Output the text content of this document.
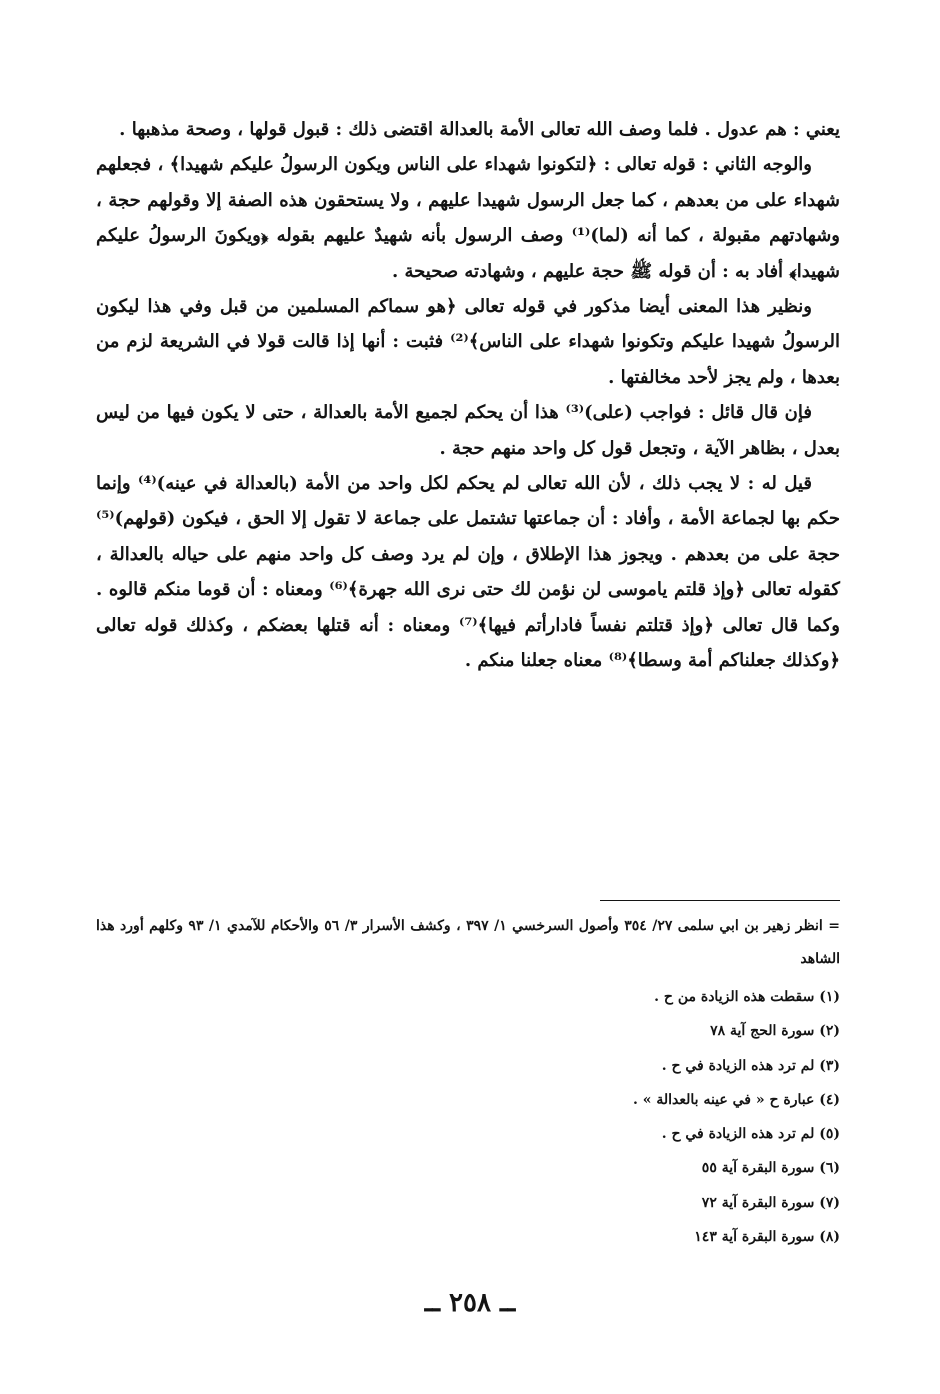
يعني : هم عدول . فلما وصف الله تعالى الأمة بالعدالة اقتضى ذلك : قبول قولها ، وصحة مذهبها .

والوجه الثاني : قوله تعالى : ﴿لتكونوا شهداء على الناس ويكون الرسولُ عليكم شهيدا﴾ ، فجعلهم شهداء على من بعدهم ، كما جعل الرسول شهيدا عليهم ، ولا يستحقون هذه الصفة إلا وقولهم حجة ، وشهادتهم مقبولة ، كما أنه (لما)⁽¹⁾ وصف الرسول بأنه شهيدٌ عليهم بقوله ﴿ويكونَ الرسولُ عليكم شهيدا﴾ أفاد به : أن قوله ﷺ حجة عليهم ، وشهادته صحيحة .

ونظير هذا المعنى أيضا مذكور في قوله تعالى ﴿هو سماكم المسلمين من قبل وفي هذا ليكون الرسولُ شهيدا عليكم وتكونوا شهداء على الناس﴾⁽²⁾ فثبت : أنها إذا قالت قولا في الشريعة لزم من بعدها ، ولم يجز لأحد مخالفتها .

فإن قال قائل : فواجب (على)⁽³⁾ هذا أن يحكم لجميع الأمة بالعدالة ، حتى لا يكون فيها من ليس بعدل ، بظاهر الآية ، وتجعل قول كل واحد منهم حجة .

قيل له : لا يجب ذلك ، لأن الله تعالى لم يحكم لكل واحد من الأمة (بالعدالة في عينه)⁽⁴⁾ وإنما حكم بها لجماعة الأمة ، وأفاد : أن جماعتها تشتمل على جماعة لا تقول إلا الحق ، فيكون (قولهم)⁽⁵⁾ حجة على من بعدهم . ويجوز هذا الإطلاق ، وإن لم يرد وصف كل واحد منهم على حياله بالعدالة ، كقوله تعالى ﴿وإذ قلتم ياموسى لن نؤمن لك حتى نرى الله جهرة﴾⁽⁶⁾ ومعناه : أن قوما منكم قالوه . وكما قال تعالى ﴿وإذ قتلتم نفساً فادارأتم فيها﴾⁽⁷⁾ ومعناه : أنه قتلها بعضكم ، وكذلك قوله تعالى ﴿وكذلك جعلناكم أمة وسطا﴾⁽⁸⁾ معناه جعلنا منكم .

= انظر زهير بن ابي سلمى ٢٧/ ٣٥٤ وأصول السرخسي ١/ ٣٩٧ ، وكشف الأسرار ٣/ ٥٦ والأحكام للآمدي ١/ ٩٣ وكلهم أورد هذا الشاهد

(١) سقطت هذه الزيادة من ح .
(٢) سورة الحج آية ٧٨
(٣) لم ترد هذه الزيادة في ح .
(٤) عبارة ح « في عينه بالعدالة » .
(٥) لم ترد هذه الزيادة في ح .
(٦) سورة البقرة آية ٥٥
(٧) سورة البقرة آية ٧٢
(٨) سورة البقرة آية ١٤٣
ــ ٢٥٨ ــ
